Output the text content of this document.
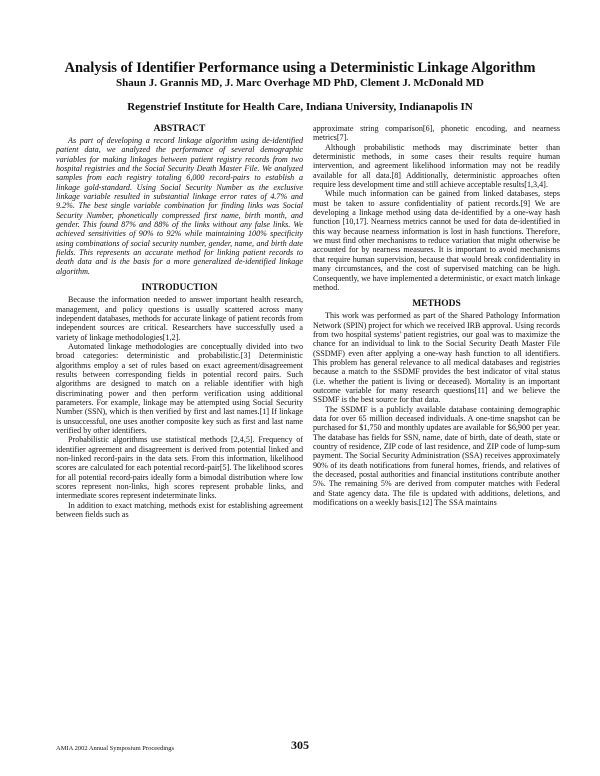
Analysis of Identifier Performance using a Deterministic Linkage Algorithm
Shaun J. Grannis MD, J. Marc Overhage MD PhD, Clement J. McDonald MD
Regenstrief Institute for Health Care, Indiana University, Indianapolis IN
ABSTRACT

As part of developing a record linkage algorithm using de-identified patient data, we analyzed the performance of several demographic variables for making linkages between patient registry records from two hospital registries and the Social Security Death Master File. We analyzed samples from each registry totaling 6,000 record-pairs to establish a linkage gold-standard. Using Social Security Number as the exclusive linkage variable resulted in substantial linkage error rates of 4.7% and 9.2%. The best single variable combination for finding links was Social Security Number, phonetically compressed first name, birth month, and gender. This found 87% and 88% of the links without any false links. We achieved sensitivities of 90% to 92% while maintaining 100% specificity using combinations of social security number, gender, name, and birth date fields. This represents an accurate method for linking patient records to death data and is the basis for a more generalized de-identified linkage algorithm.

INTRODUCTION

Because the information needed to answer important health research, management, and policy questions is usually scattered across many independent databases, methods for accurate linkage of patient records from independent sources are critical. Researchers have successfully used a variety of linkage methodologies[1,2].

Automated linkage methodologies are conceptually divided into two broad categories: deterministic and probabilistic.[3] Deterministic algorithms employ a set of rules based on exact agreement/disagreement results between corresponding fields in potential record pairs. Such algorithms are designed to match on a reliable identifier with high discriminating power and then perform verification using additional parameters. For example, linkage may be attempted using Social Security Number (SSN), which is then verified by first and last names.[1] If linkage is unsuccessful, one uses another composite key such as first and last name verified by other identifiers.

Probabilistic algorithms use statistical methods [2,4,5]. Frequency of identifier agreement and disagreement is derived from potential linked and non-linked record-pairs in the data sets. From this information, likelihood scores are calculated for each potential record-pair[5]. The likelihood scores for all potential record-pairs ideally form a bimodal distribution where low scores represent non-links, high scores represent probable links, and intermediate scores represent indeterminate links.

In addition to exact matching, methods exist for establishing agreement between fields such as

approximate string comparison[6], phonetic encoding, and nearness metrics[7].

Although probabilistic methods may discriminate better than deterministic methods, in some cases their results require human intervention, and agreement likelihood information may not be readily available for all data.[8] Additionally, deterministic approaches often require less development time and still achieve acceptable results[1,3,4].

While much information can be gained from linked databases, steps must be taken to assure confidentiality of patient records.[9] We are developing a linkage method using data de-identified by a one-way hash function [10,17]. Nearness metrics cannot be used for data de-identified in this way because nearness information is lost in hash functions. Therefore, we must find other mechanisms to reduce variation that might otherwise be accounted for by nearness measures. It is important to avoid mechanisms that require human supervision, because that would break confidentiality in many circumstances, and the cost of supervised matching can be high. Consequently, we have implemented a deterministic, or exact match linkage method.

METHODS

This work was performed as part of the Shared Pathology Information Network (SPIN) project for which we received IRB approval. Using records from two hospital systems' patient registries, our goal was to maximize the chance for an individual to link to the Social Security Death Master File (SSDMF) even after applying a one-way hash function to all identifiers. This problem has general relevance to all medical databases and registries because a match to the SSDMF provides the best indicator of vital status (i.e. whether the patient is living or deceased). Mortality is an important outcome variable for many research questions[11] and we believe the SSDMF is the best source for that data.

The SSDMF is a publicly available database containing demographic data for over 65 million deceased individuals. A one-time snapshot can be purchased for $1,750 and monthly updates are available for $6,900 per year. The database has fields for SSN, name, date of birth, date of death, state or country of residence, ZIP code of last residence, and ZIP code of lump-sum payment. The Social Security Administration (SSA) receives approximately 90% of its death notifications from funeral homes, friends, and relatives of the deceased, postal authorities and financial institutions contribute another 5%. The remaining 5% are derived from computer matches with Federal and State agency data. The file is updated with additions, deletions, and modifications on a weekly basis.[12] The SSA maintains

AMIA 2002 Annual Symposium Proceedings	305
